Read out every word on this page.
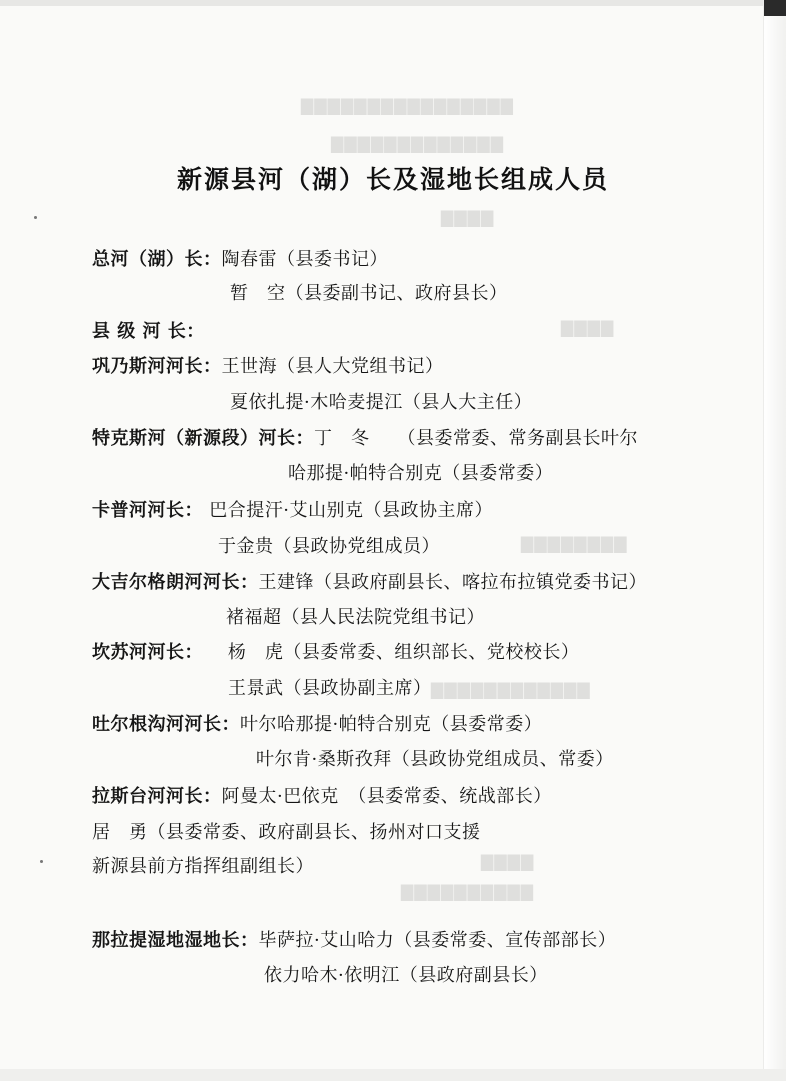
▇▇▇▇▇▇▇▇▇▇▇▇▇▇▇▇
▇▇▇▇▇▇▇▇▇▇▇▇▇
▇▇▇▇
▇▇▇▇
▇▇▇▇▇▇▇▇
▇▇▇▇▇▇▇▇▇▇▇▇
▇▇▇▇
▇▇▇▇▇▇▇▇▇▇
新源县河（湖）长及湿地长组成人员
总河（湖）长：陶春雷（县委书记）
暂　空（县委副书记、政府县长）
县 级 河 长：
巩乃斯河河长：王世海（县人大党组书记）
夏依扎提·木哈麦提江（县人大主任）
特克斯河（新源段）河长：丁　冬　　（县委常委、常务副县长叶尔
哈那提·帕特合别克（县委常委）
卡普河河长： 巴合提汗·艾山别克（县政协主席）
于金贵（县政协党组成员）
大吉尔格朗河河长：王建锋（县政府副县长、喀拉布拉镇党委书记）
褚福超（县人民法院党组书记）
坎苏河河长： 杨　虎（县委常委、组织部长、党校校长）
王景武（县政协副主席）
吐尔根沟河河长：叶尔哈那提·帕特合别克（县委常委）
叶尔肯·桑斯孜拜（县政协党组成员、常委）
拉斯台河河长：阿曼太·巴依克　（县委常委、统战部长）
居　勇（县委常委、政府副县长、扬州对口支援
新源县前方指挥组副组长）
那拉提湿地湿地长：毕萨拉·艾山哈力（县委常委、宣传部部长）
依力哈木·依明江（县政府副县长）
